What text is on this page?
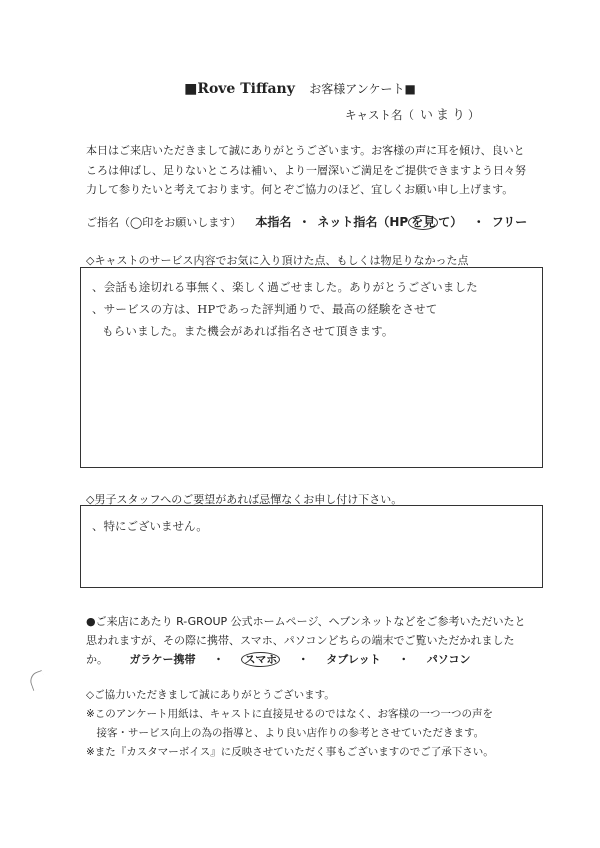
■Rove Tiffany お客様アンケート■
キャスト名（ いまり）
本日はご来店いただきまして誠にありがとうございます。お客様の声に耳を傾け、良いと
ころは伸ばし、足りないところは補い、より一層深いご満足をご提供できますよう日々努
力して参りたいと考えております。何とぞご協力のほど、宜しくお願い申し上げます。
ご指名（◯印をお願いします） 本指名 ・ ネット指名（HP を見 て） ・ フリー
◇キャストのサービス内容でお気に入り頂けた点、もしくは物足りなかった点
、会話も途切れる事無く、楽しく過ごせました。ありがとうございました
、サービスの方は、HPであった評判通りで、最高の経験をさせて
もらいました。また機会があれば指名させて頂きます。
◇男子スタッフへのご要望があれば忌憚なくお申し付け下さい。
、特にございません。
●ご来店にあたり R-GROUP 公式ホームページ、ヘブンネットなどをご参考いただいたと
思われますが、その際に携帯、スマホ、パソコンどちらの端末でご覧いただかれましたか。	ガラケー携帯 ・ スマホ ・ タブレット ・ パソコン
◇ご協力いただきまして誠にありがとうございます。
※このアンケート用紙は、キャストに直接見せるのではなく、お客様の一つ一つの声を
　接客・サービス向上の為の指導と、より良い店作りの参考とさせていただきます。
※また『カスタマーボイス』に反映させていただく事もございますのでご了承下さい。
